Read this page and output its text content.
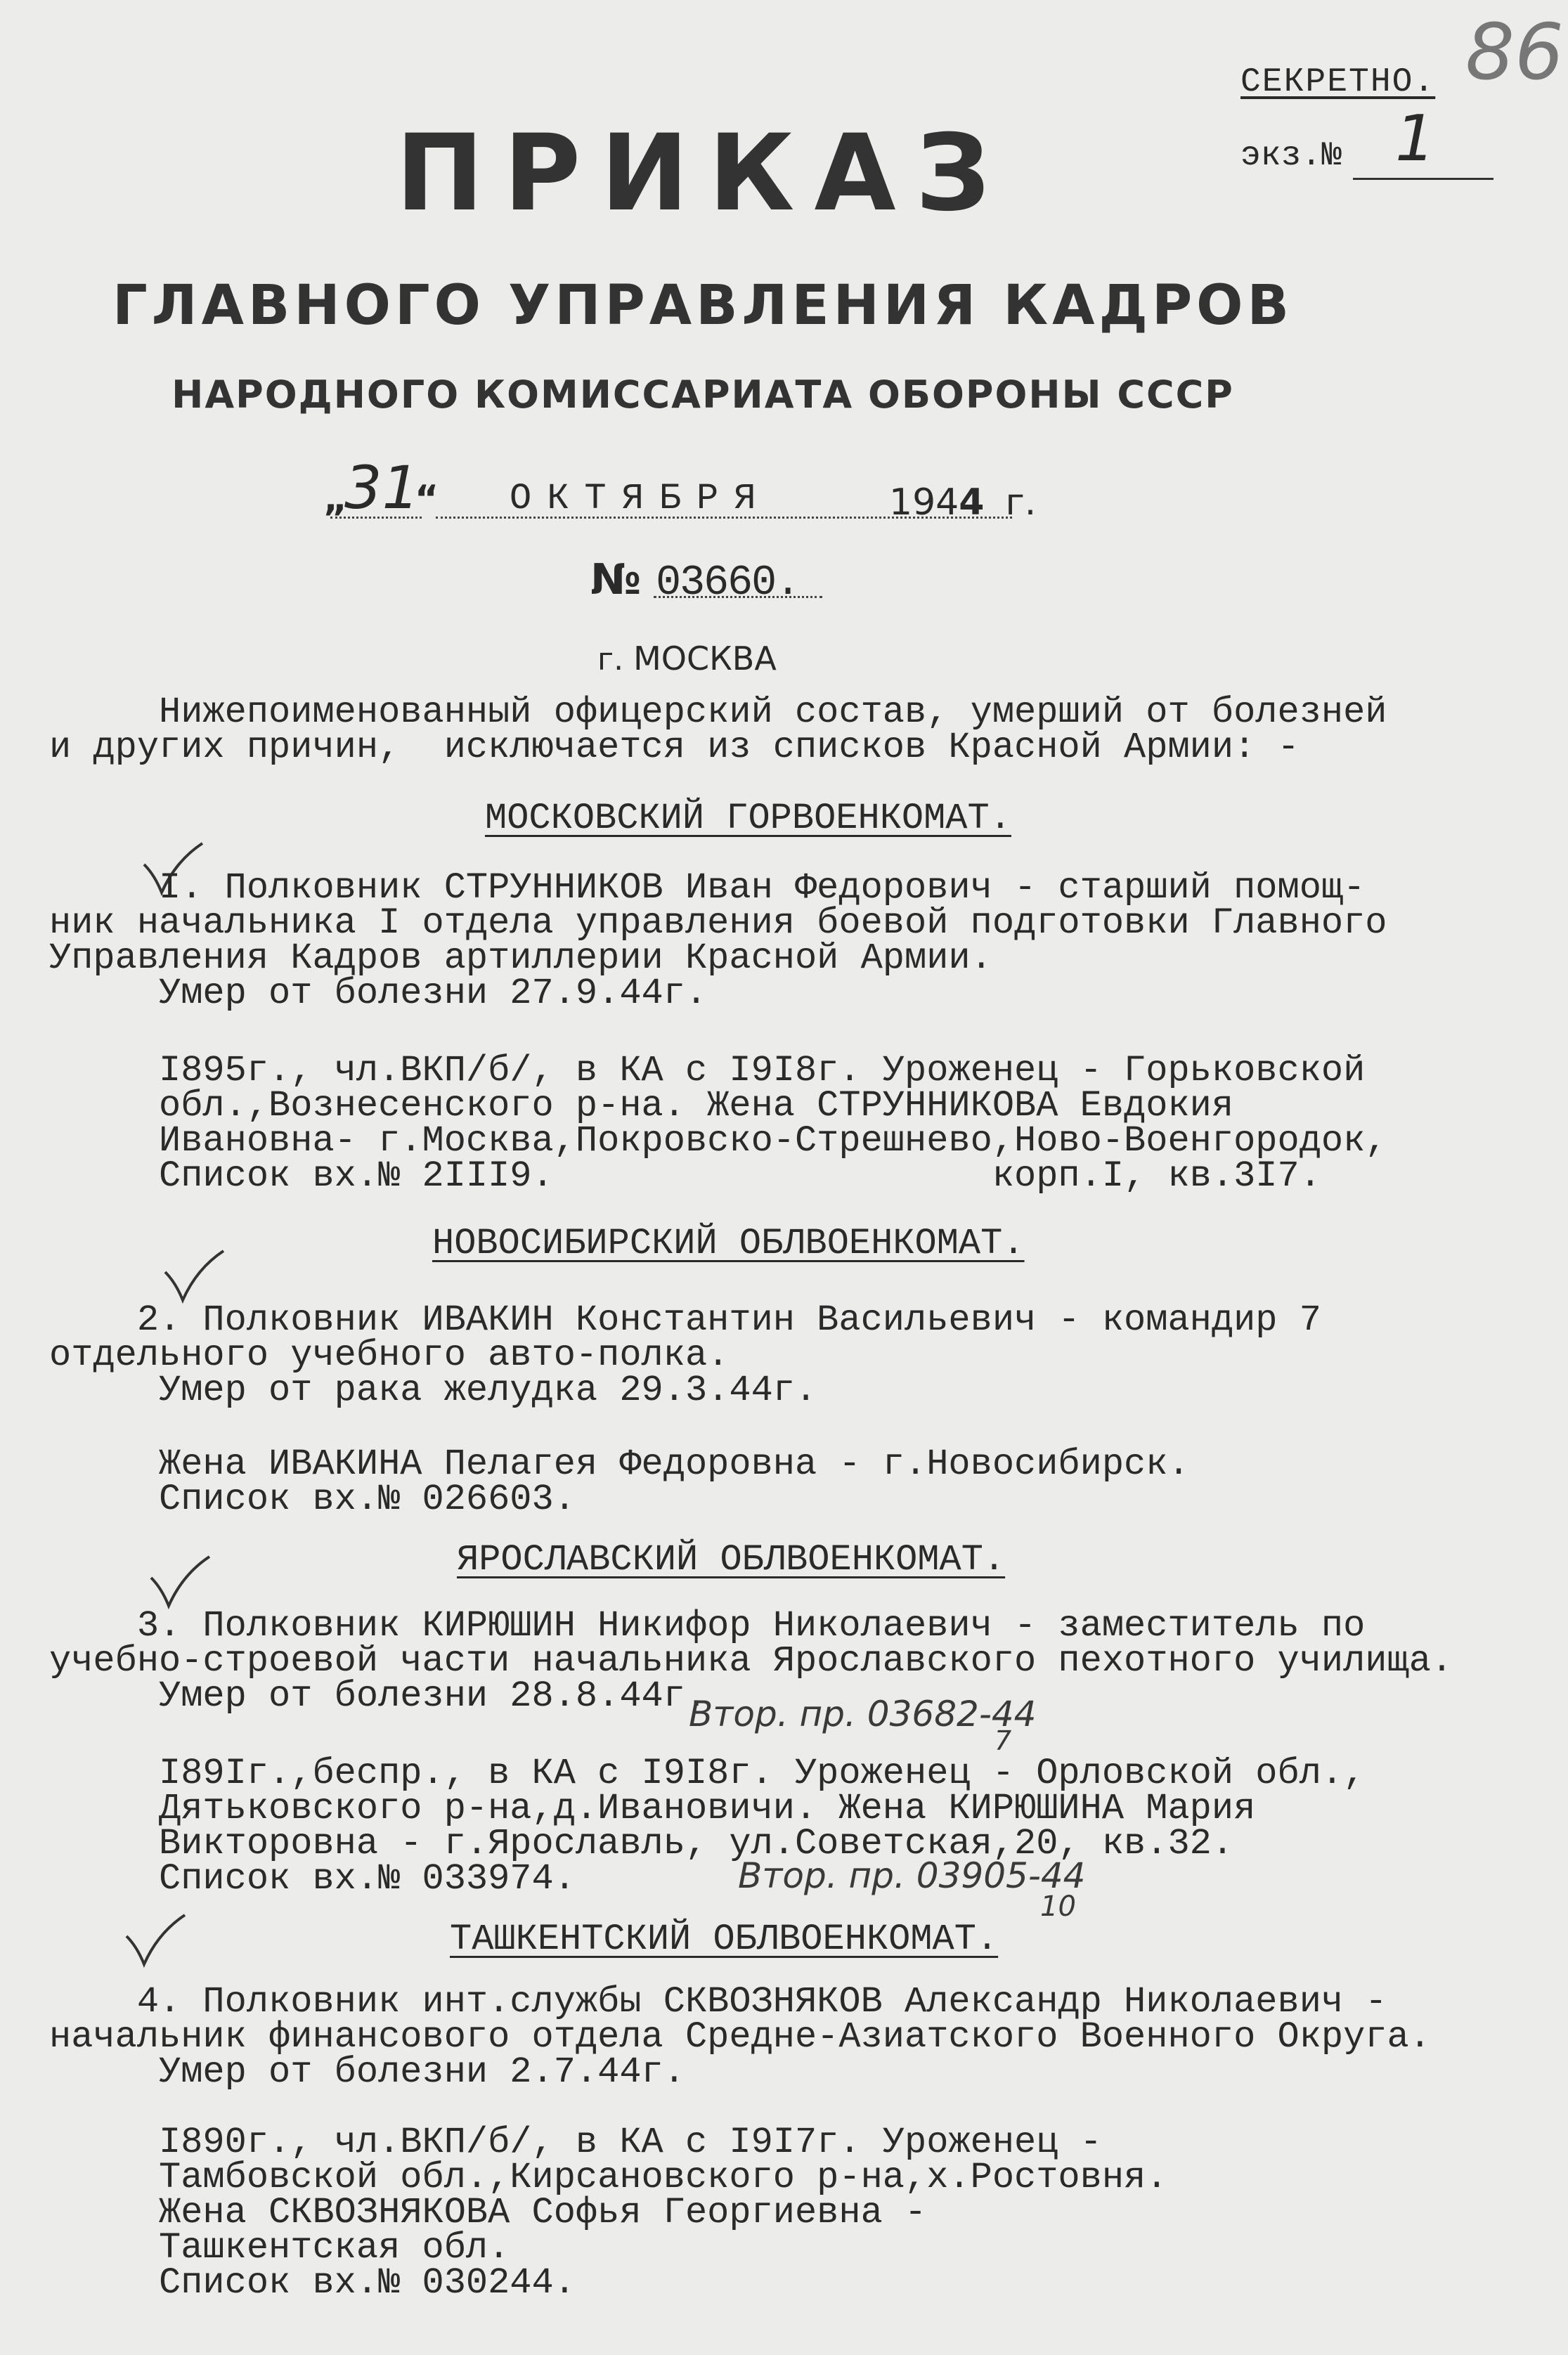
86
СЕКРЕТНО.
экз.№ 1
ПРИКАЗ
ГЛАВНОГО УПРАВЛЕНИЯ КАДРОВ
НАРОДНОГО КОМИССАРИАТА ОБОРОНЫ СССР
„
31
“ ОКТЯБРЯ	1944 г.
№ 03660.
г. МОСКВА
Нижепоименованный офицерский состав, умерший от болезней
и других причин,  исключается из списков Красной Армии: -
МОСКОВСКИЙ ГОРВОЕНКОМАТ.
I. Полковник СТРУННИКОВ Иван Федорович - старший помощ-
ник начальника I отдела управления боевой подготовки Главного
Управления Кадров артиллерии Красной Армии.
Умер от болезни 27.9.44г.
I895г., чл.ВКП/б/, в КА с I9I8г. Уроженец - Горьковской
обл.,Вознесенского р-на. Жена СТРУННИКОВА Евдокия
Ивановна- г.Москва,Покровско-Стрешнево,Ново-Военгородок,
Список вх.№ 2III9.                    корп.I, кв.3I7.
НОВОСИБИРСКИЙ ОБЛВОЕНКОМАТ.
2. Полковник ИВАКИН Константин Васильевич - командир 7
отдельного учебного авто-полка.
Умер от рака желудка 29.3.44г.
Жена ИВАКИНА Пелагея Федоровна - г.Новосибирск.
Список вх.№ 026603.
ЯРОСЛАВСКИЙ ОБЛВОЕНКОМАТ.
3. Полковник КИРЮШИН Никифор Николаевич - заместитель по
учебно-строевой части начальника Ярославского пехотного училища.
Умер от болезни 28.8.44г.
Втор. пр. 03682-44
7
I89Iг.,беспр., в КА с I9I8г. Уроженец - Орловской обл.,
Дятьковского р-на,д.Ивановичи. Жена КИРЮШИНА Мария
Викторовна - г.Ярославль, ул.Советская,20, кв.32.
Список вх.№ 033974.	Втор. пр. 03905-44
10
ТАШКЕНТСКИЙ ОБЛВОЕНКОМАТ.
4. Полковник инт.службы СКВОЗНЯКОВ Александр Николаевич -
начальник финансового отдела Средне-Азиатского Военного Округа.
Умер от болезни 2.7.44г.
I890г., чл.ВКП/б/, в КА с I9I7г. Уроженец -
Тамбовской обл.,Кирсановского р-на,х.Ростовня.
Жена СКВОЗНЯКОВА Софья Георгиевна -
Ташкентская обл.
Список вх.№ 030244.
